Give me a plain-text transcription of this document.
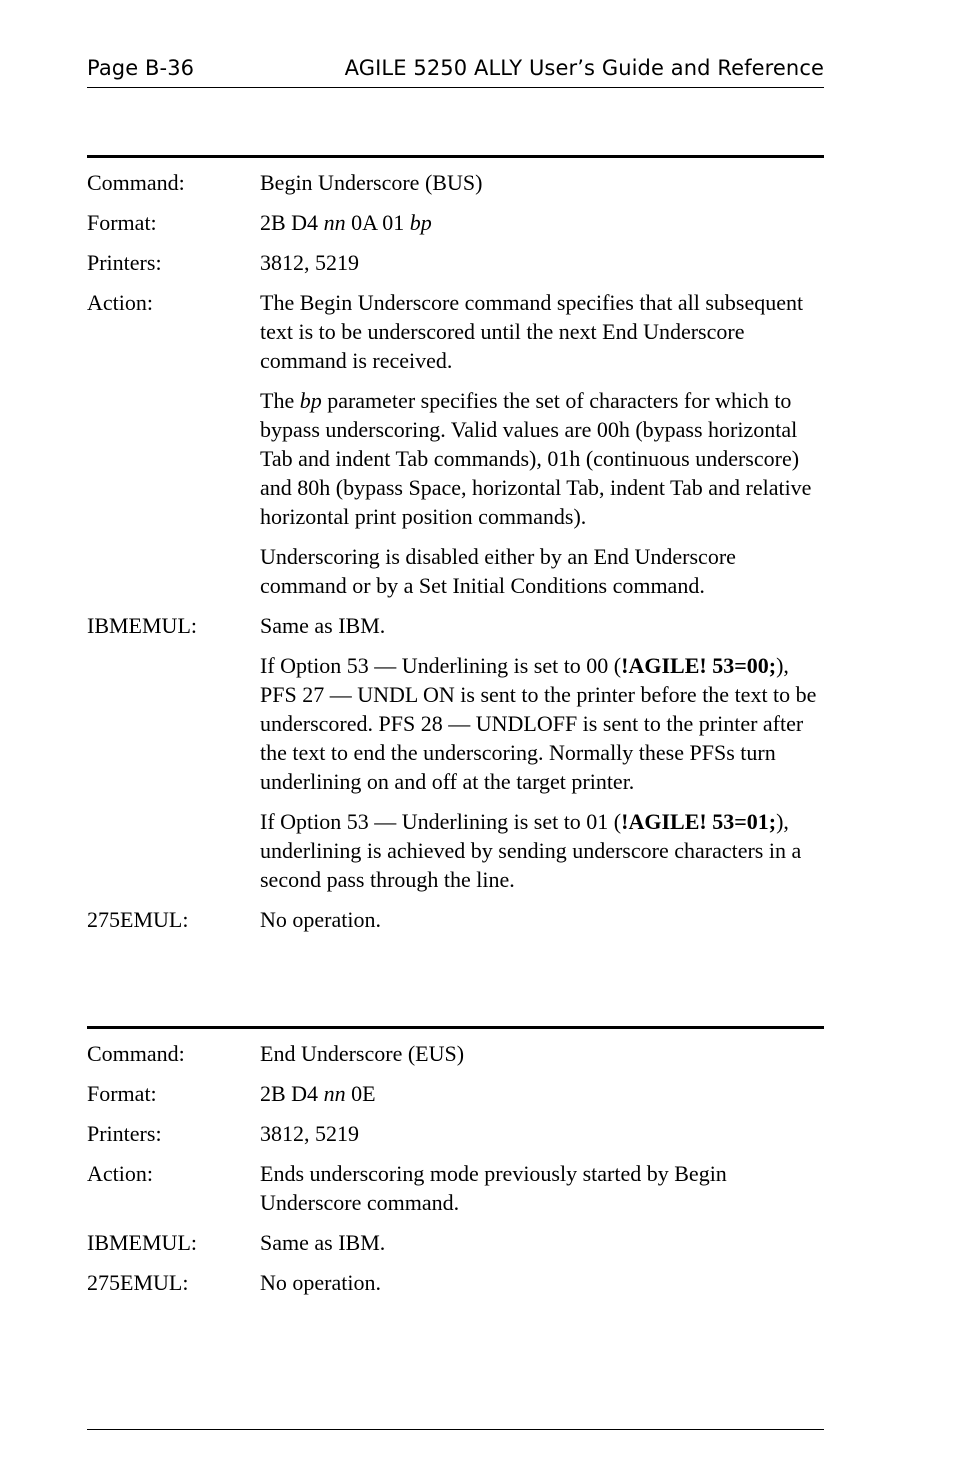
Page B-36	AGILE 5250 ALLY User’s Guide and Reference
Command:	Begin Underscore (BUS)

Format:	2B D4 nn 0A 01 bp

Printers:	3812, 5219

Action:	The Begin Underscore command specifies that all subsequent text is to be underscored until the next End Underscore command is received.

The bp parameter specifies the set of characters for which to bypass underscoring. Valid values are 00h (bypass horizontal Tab and indent Tab commands), 01h (continuous underscore) and 80h (bypass Space, horizontal Tab, indent Tab and relative horizontal print position commands).

Underscoring is disabled either by an End Underscore command or by a Set Initial Conditions command.

IBMEMUL:	Same as IBM.

If Option 53 — Underlining is set to 00 (!AGILE! 53=00;), PFS 27 — UNDL ON is sent to the printer before the text to be underscored. PFS 28 — UNDLOFF is sent to the printer after the text to end the underscoring. Normally these PFSs turn underlining on and off at the target printer.

If Option 53 — Underlining is set to 01 (!AGILE! 53=01;), underlining is achieved by sending underscore characters in a second pass through the line.

275EMUL:	No operation.

Command:	End Underscore (EUS)

Format:	2B D4 nn 0E

Printers:	3812, 5219

Action:	Ends underscoring mode previously started by Begin Underscore command.

IBMEMUL:	Same as IBM.

275EMUL:	No operation.
